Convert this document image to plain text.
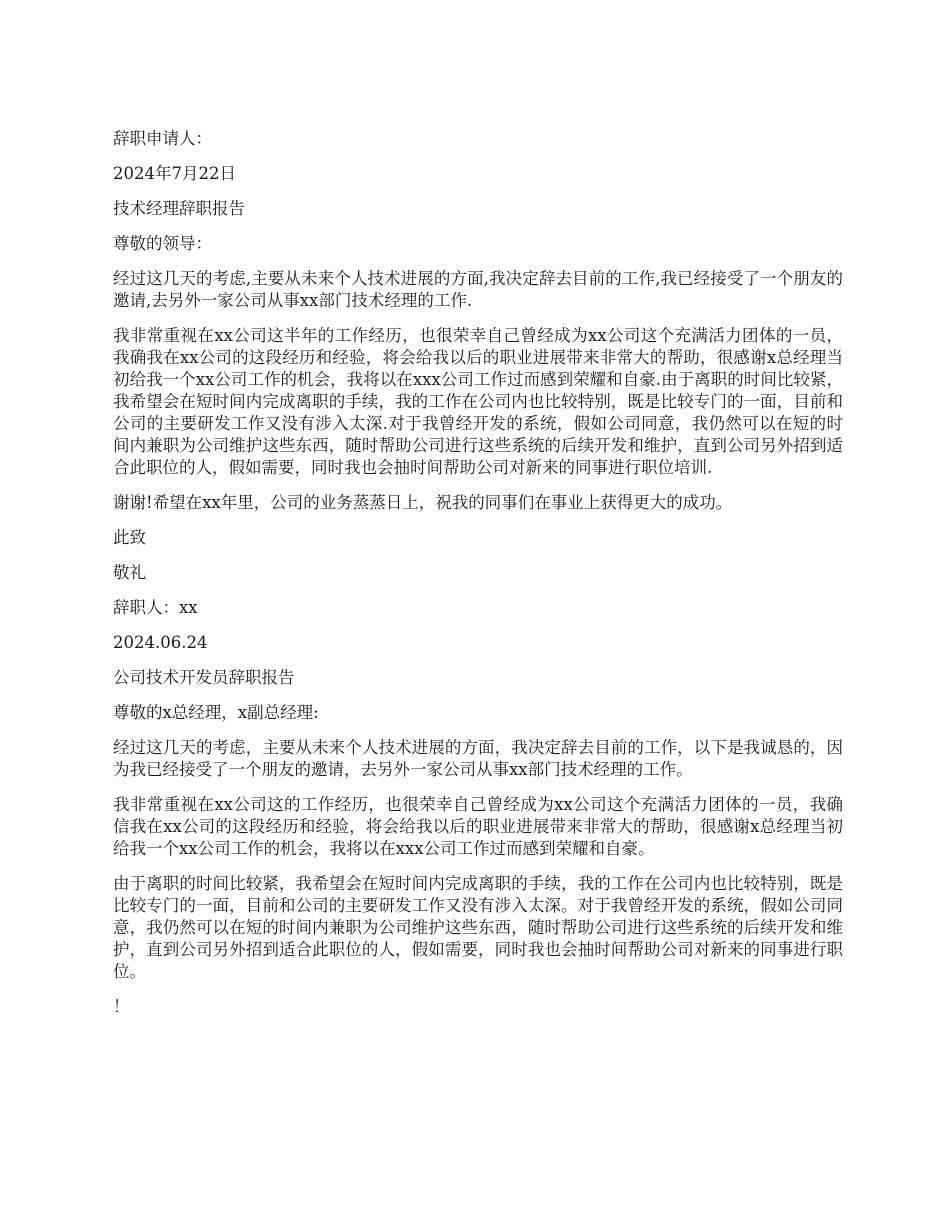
辞职申请人：

2024年7月22日

技术经理辞职报告

尊敬的领导：

经过这几天的考虑,主要从未来个人技术进展的方面,我决定辞去目前的工作,我已经接受了一个朋友的邀请,去另外一家公司从事xx部门技术经理的工作.

我非常重视在xx公司这半年的工作经历，也很荣幸自己曾经成为xx公司这个充满活力团体的一员，我确我在xx公司的这段经历和经验，将会给我以后的职业进展带来非常大的帮助，很感谢x总经理当初给我一个xx公司工作的机会，我将以在xxx公司工作过而感到荣耀和自豪.由于离职的时间比较紧，我希望会在短时间内完成离职的手续，我的工作在公司内也比较特别，既是比较专门的一面，目前和公司的主要研发工作又没有涉入太深.对于我曾经开发的系统，假如公司同意，我仍然可以在短的时间内兼职为公司维护这些东西，随时帮助公司进行这些系统的后续开发和维护，直到公司另外招到适合此职位的人，假如需要，同时我也会抽时间帮助公司对新来的同事进行职位培训.

谢谢!希望在xx年里，公司的业务蒸蒸日上，祝我的同事们在事业上获得更大的成功。

此致

敬礼

辞职人：xx

2024.06.24

公司技术开发员辞职报告

尊敬的x总经理，x副总经理:

经过这几天的考虑，主要从未来个人技术进展的方面，我决定辞去目前的工作，以下是我诚恳的，因为我已经接受了一个朋友的邀请，去另外一家公司从事xx部门技术经理的工作。

我非常重视在xx公司这的工作经历，也很荣幸自己曾经成为xx公司这个充满活力团体的一员，我确信我在xx公司的这段经历和经验，将会给我以后的职业进展带来非常大的帮助，很感谢x总经理当初给我一个xx公司工作的机会，我将以在xxx公司工作过而感到荣耀和自豪。

由于离职的时间比较紧，我希望会在短时间内完成离职的手续，我的工作在公司内也比较特别，既是比较专门的一面，目前和公司的主要研发工作又没有涉入太深。对于我曾经开发的系统，假如公司同意，我仍然可以在短的时间内兼职为公司维护这些东西，随时帮助公司进行这些系统的后续开发和维护，直到公司另外招到适合此职位的人，假如需要，同时我也会抽时间帮助公司对新来的同事进行职位。

！
